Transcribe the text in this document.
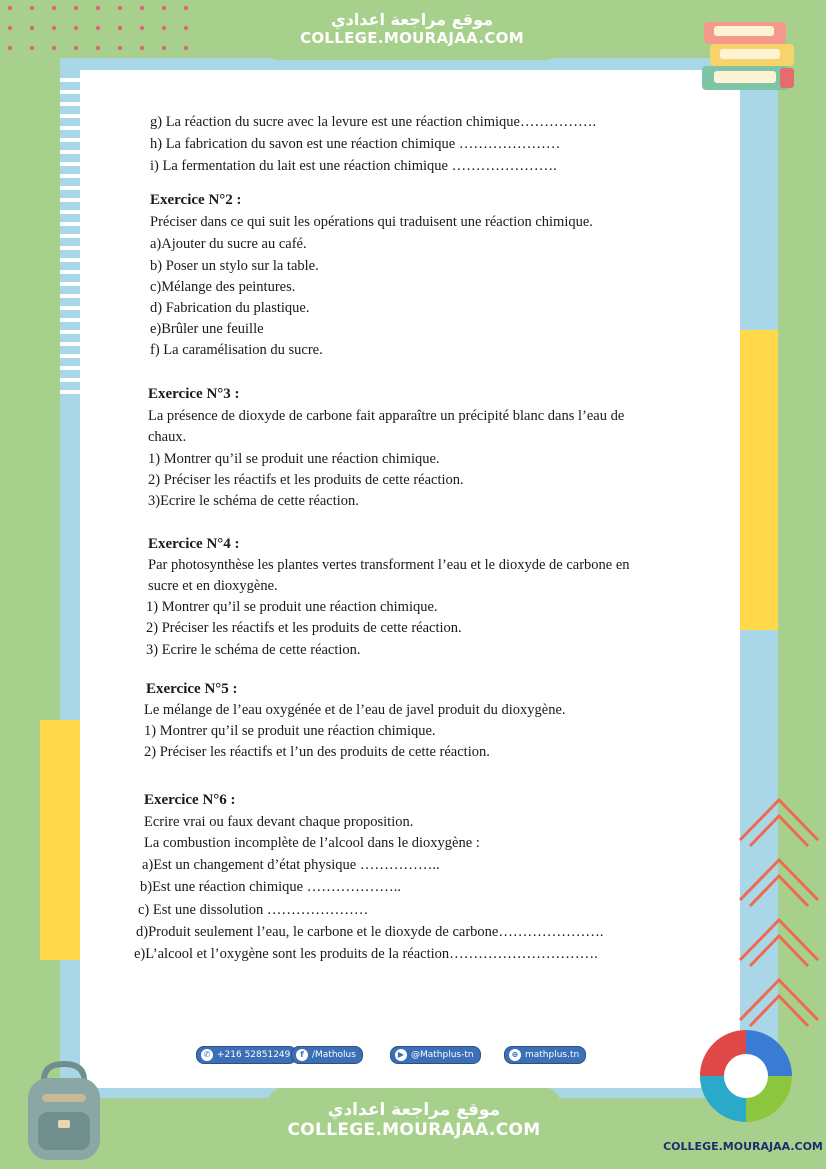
موقع مراجعة اعدادي
COLLEGE.MOURAJAA.COM
g) La réaction du sucre avec la levure est une réaction chimique…………….
h) La fabrication du savon est une réaction chimique …………………
i) La fermentation du lait est une réaction chimique ………………….
Exercice N°2 :
Préciser dans ce qui suit les opérations qui traduisent une réaction chimique.
a)Ajouter du sucre au café.
b) Poser un stylo sur la table.
c)Mélange des peintures.
d) Fabrication du plastique.
e)Brûler une feuille
f) La caramélisation du sucre.
Exercice N°3 :
La présence de dioxyde de carbone fait apparaître un précipité blanc dans l’eau de
chaux.
1) Montrer qu’il se produit une réaction chimique.
2) Préciser les réactifs et les produits de cette réaction.
3)Ecrire le schéma de cette réaction.
Exercice N°4 :
Par photosynthèse les plantes vertes transforment l’eau et le dioxyde de carbone en
sucre et en dioxygène.
1) Montrer qu’il se produit une réaction chimique.
2) Préciser les réactifs et les produits de cette réaction.
3) Ecrire le schéma de cette réaction.
Exercice N°5 :
Le mélange de l’eau oxygénée et de l’eau de javel produit du dioxygène.
1) Montrer qu’il se produit une réaction chimique.
2) Préciser les réactifs et l’un des produits de cette réaction.
Exercice N°6 :
Ecrire vrai ou faux devant chaque proposition.
La combustion incomplète de l’alcool dans le dioxygène :
a)Est un changement d’état physique ……………..
b)Est une réaction chimique ………………..
c) Est une dissolution …………………
d)Produit seulement l’eau, le carbone et le dioxyde de carbone………………….
e)L’alcool et l’oxygène sont les produits de la réaction………………………….
✆ +216 52851249	f /Matholus	▶ @Mathplus-tn	⊕ mathplus.tn
COLLEGE.MOURAJAA.COM
موقع مراجعة اعدادي
COLLEGE.MOURAJAA.COM
